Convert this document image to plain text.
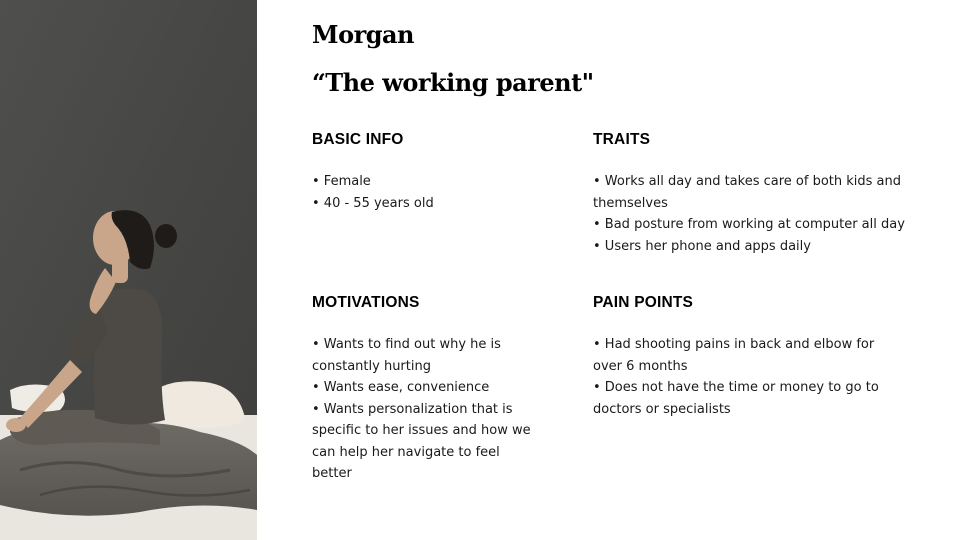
Morgan
“The working parent"
BASIC INFO
• Female
• 40 - 55 years old
TRAITS
• Works all day and takes care of both kids and themselves
• Bad posture from working at computer all day
• Users her phone and apps daily
MOTIVATIONS
• Wants to find out why he is constantly hurting
• Wants ease, convenience
• Wants personalization that is specific to her issues and how we can help her navigate to feel better
PAIN POINTS
• Had shooting pains in back and elbow for over 6 months
• Does not have the time or money to go to doctors or specialists
